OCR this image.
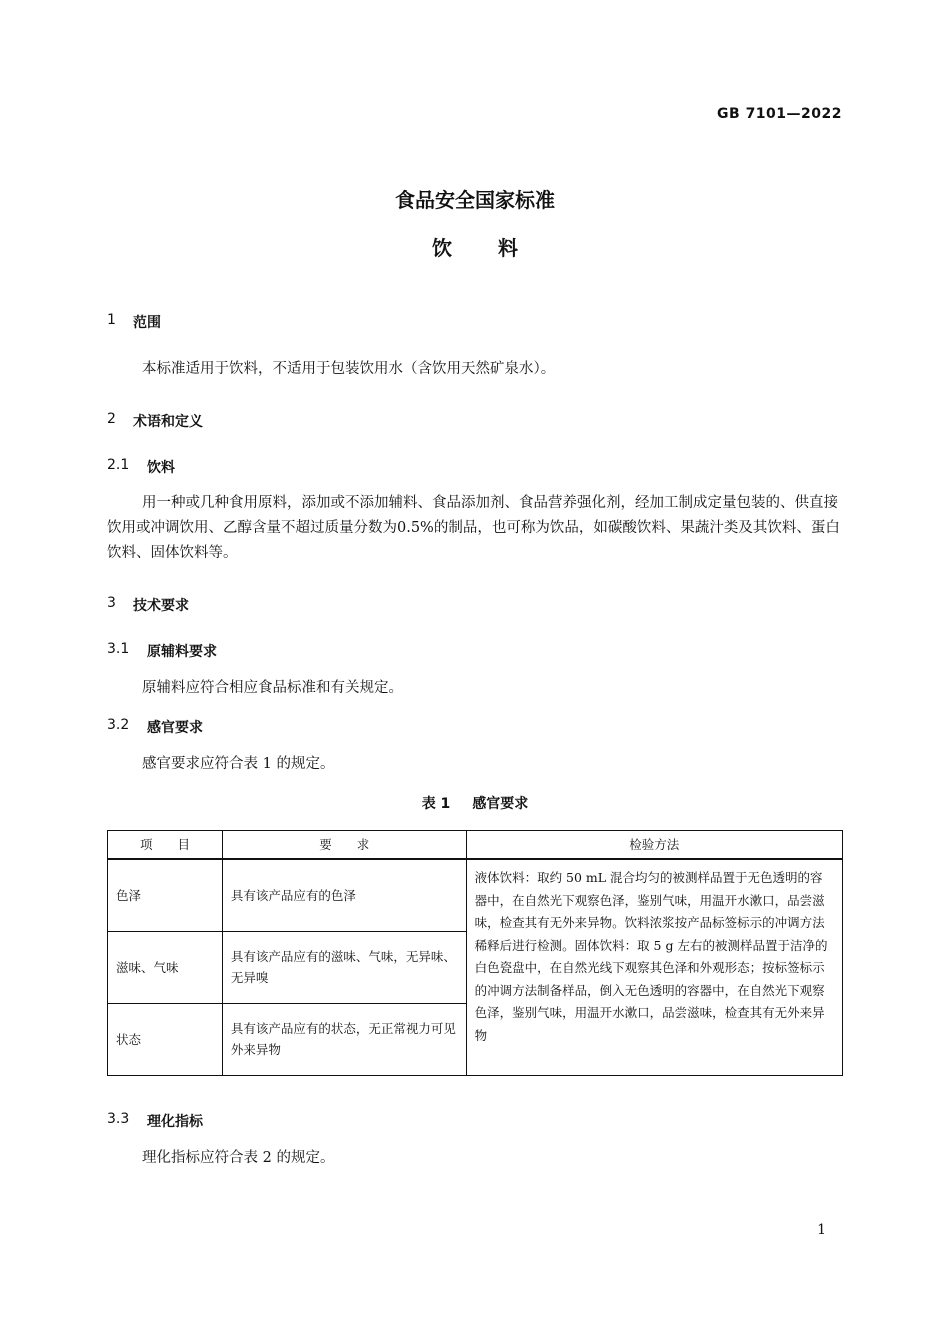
GB 7101—2022
食品安全国家标准
饮料
1	范围
本标准适用于饮料，不适用于包装饮用水（含饮用天然矿泉水）。
2	术语和定义
2.1	饮料
用一种或几种食用原料，添加或不添加辅料、食品添加剂、食品营养强化剂，经加工制成定量包装的、供直接饮用或冲调饮用、乙醇含量不超过质量分数为0.5%的制品，也可称为饮品，如碳酸饮料、果蔬汁类及其饮料、蛋白饮料、固体饮料等。
3	技术要求
3.1	原辅料要求
原辅料应符合相应食品标准和有关规定。
3.2	感官要求
感官要求应符合表 1 的规定。
表 1 感官要求
项　　目	要　　求	检验方法
色泽	具有该产品应有的色泽	液体饮料：取约 50 mL 混合均匀的被测样品置于无色透明的容器中，在自然光下观察色泽，鉴别气味，用温开水漱口，品尝滋味，检查其有无外来异物。饮料浓浆按产品标签标示的冲调方法稀释后进行检测。固体饮料：取 5 g 左右的被测样品置于洁净的白色瓷盘中，在自然光线下观察其色泽和外观形态；按标签标示的冲调方法制备样品，倒入无色透明的容器中，在自然光下观察色泽，鉴别气味，用温开水漱口，品尝滋味，检查其有无外来异物
滋味、气味	具有该产品应有的滋味、气味，无异味、无异嗅	
状态	具有该产品应有的状态，无正常视力可见外来异物	
3.3	理化指标
理化指标应符合表 2 的规定。
1
